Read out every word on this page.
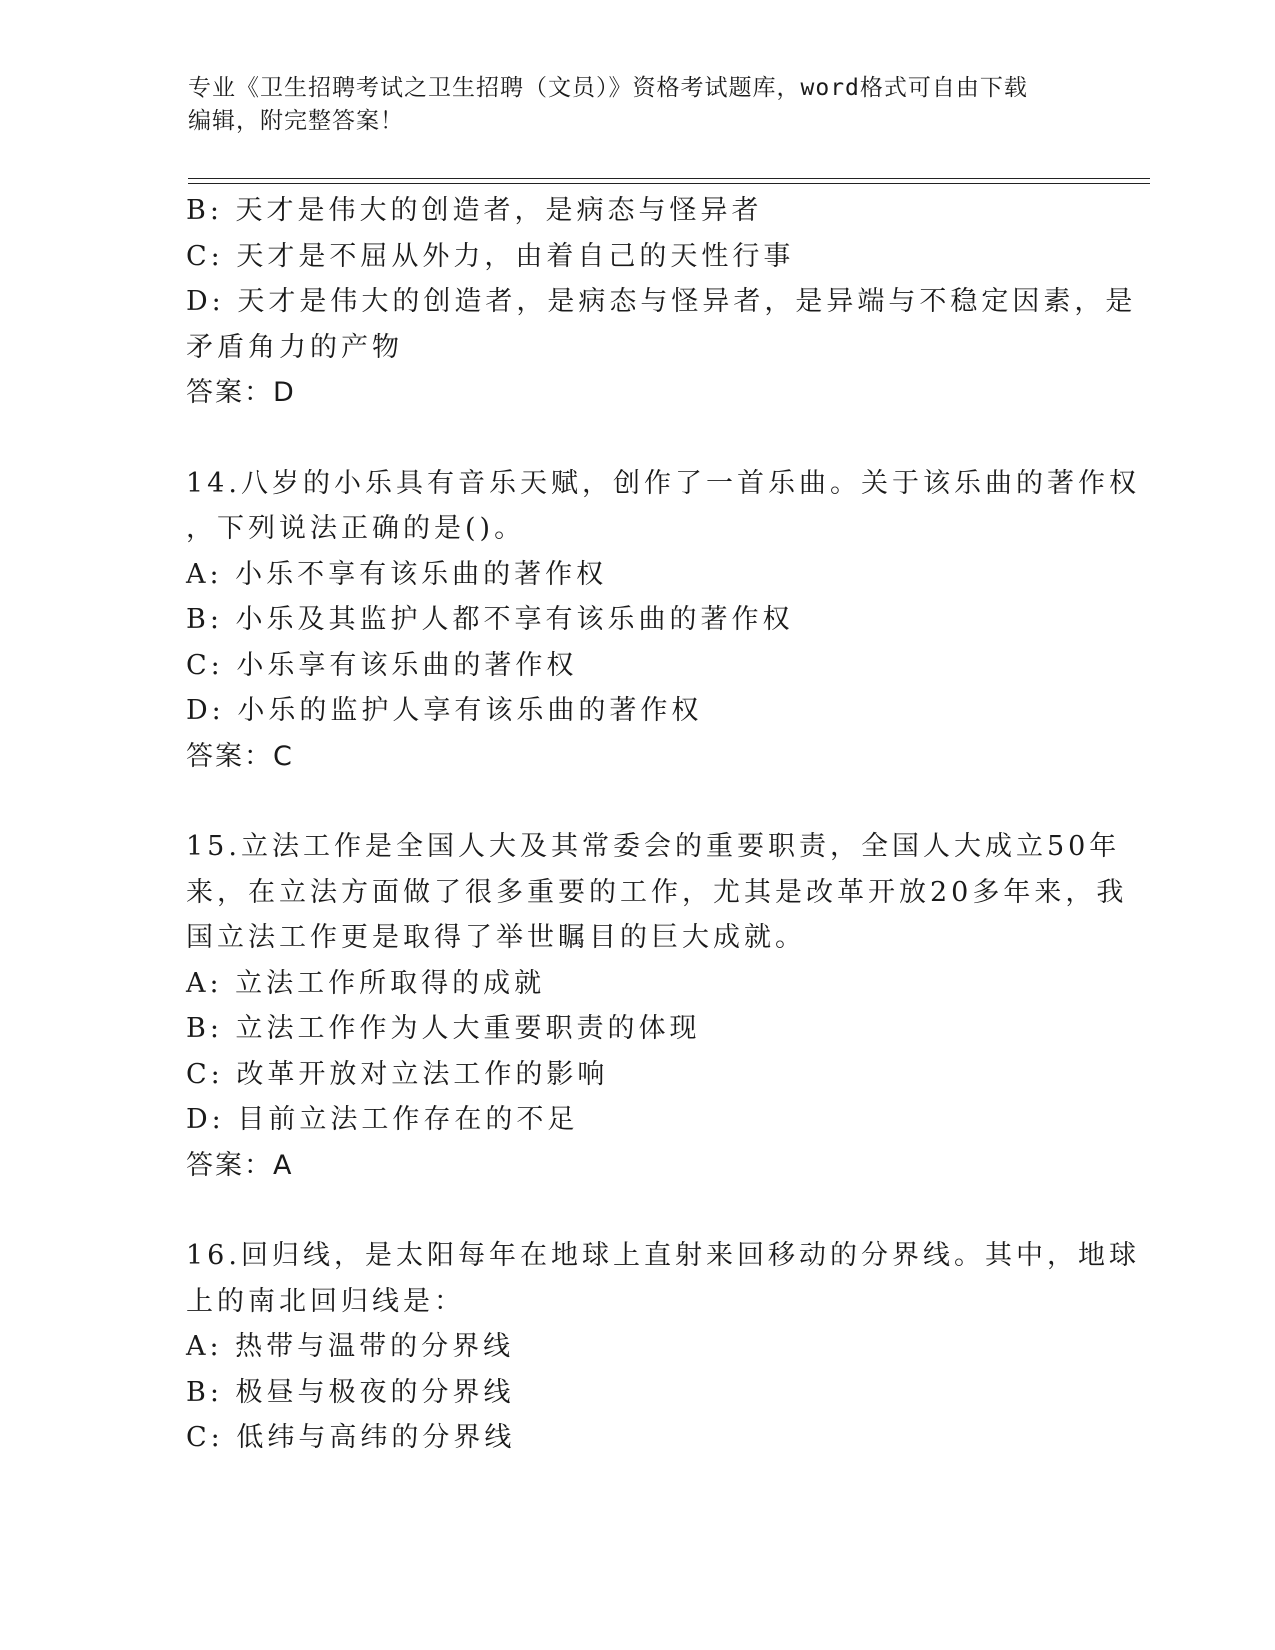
专业《卫生招聘考试之卫生招聘（文员）》资格考试题库，word格式可自由下载
编辑，附完整答案！
B: 天才是伟大的创造者，是病态与怪异者
C: 天才是不屈从外力，由着自己的天性行事
D: 天才是伟大的创造者，是病态与怪异者，是异端与不稳定因素，是
矛盾角力的产物
答案：D
14.八岁的小乐具有音乐天赋，创作了一首乐曲。关于该乐曲的著作权
，下列说法正确的是()。
A: 小乐不享有该乐曲的著作权
B: 小乐及其监护人都不享有该乐曲的著作权
C: 小乐享有该乐曲的著作权
D: 小乐的监护人享有该乐曲的著作权
答案：C
15.立法工作是全国人大及其常委会的重要职责，全国人大成立50年
来，在立法方面做了很多重要的工作，尤其是改革开放20多年来，我
国立法工作更是取得了举世瞩目的巨大成就。
A: 立法工作所取得的成就
B: 立法工作作为人大重要职责的体现
C: 改革开放对立法工作的影响
D: 目前立法工作存在的不足
答案：A
16.回归线，是太阳每年在地球上直射来回移动的分界线。其中，地球
上的南北回归线是：
A: 热带与温带的分界线
B: 极昼与极夜的分界线
C: 低纬与高纬的分界线
